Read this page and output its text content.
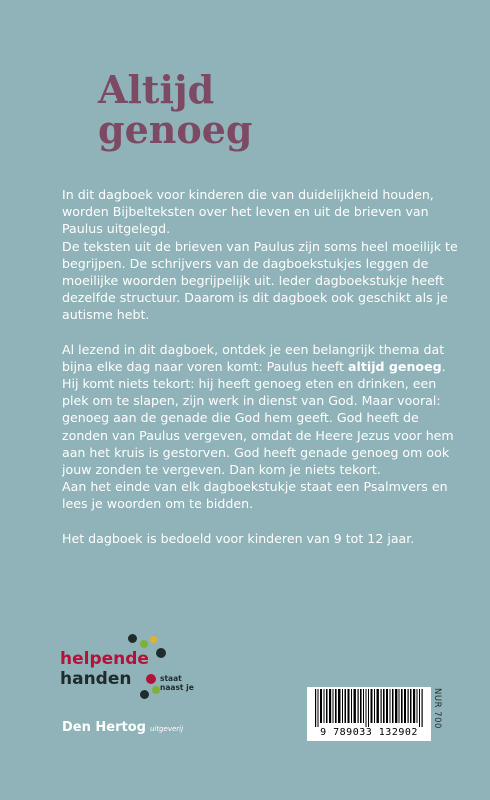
Altijd
genoeg

In dit dagboek voor kinderen die van duidelijkheid houden, worden Bijbelteksten over het leven en uit de brieven van Paulus uitgelegd.

De teksten uit de brieven van Paulus zijn soms heel moeilijk te begrijpen. De schrijvers van de dagboekstukjes leggen de moeilijke woorden begrijpelijk uit. Ieder dagboekstukje heeft dezelfde structuur. Daarom is dit dagboek ook geschikt als je autisme hebt.

Al lezend in dit dagboek, ontdek je een belangrijk thema dat bijna elke dag naar voren komt: Paulus heeft altijd genoeg. Hij komt niets tekort: hij heeft genoeg eten en drinken, een plek om te slapen, zijn werk in dienst van God. Maar vooral: genoeg aan de genade die God hem geeft. God heeft de zonden van Paulus vergeven, omdat de Heere Jezus voor hem aan het kruis is gestorven. God heeft genade genoeg om ook jouw zonden te vergeven. Dan kom je niets tekort.

Aan het einde van elk dagboekstukje staat een Psalmvers en lees je woorden om te bidden.

Het dagboek is bedoeld voor kinderen van 9 tot 12 jaar.

helpende
handen	staat
naast je
Den Hertog uitgeverij	9 789033 132902
NUR 700
